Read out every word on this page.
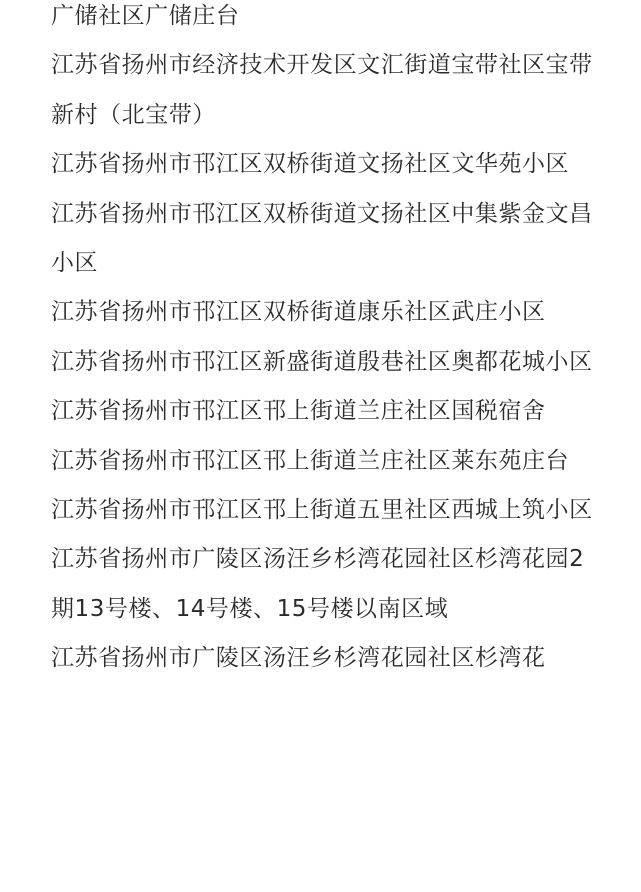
广储社区广储庄台

江苏省扬州市经济技术开发区文汇街道宝带社区宝带新村（北宝带）

江苏省扬州市邗江区双桥街道文扬社区文华苑小区

江苏省扬州市邗江区双桥街道文扬社区中集紫金文昌小区

江苏省扬州市邗江区双桥街道康乐社区武庄小区

江苏省扬州市邗江区新盛街道殷巷社区奥都花城小区

江苏省扬州市邗江区邗上街道兰庄社区国税宿舍

江苏省扬州市邗江区邗上街道兰庄社区莱东苑庄台

江苏省扬州市邗江区邗上街道五里社区西城上筑小区

江苏省扬州市广陵区汤汪乡杉湾花园社区杉湾花园2期13号楼、14号楼、15号楼以南区域

江苏省扬州市广陵区汤汪乡杉湾花园社区杉湾花
